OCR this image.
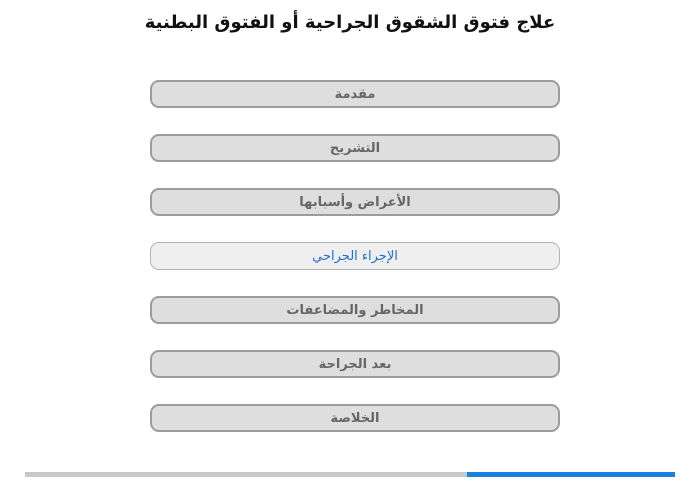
علاج فتوق الشقوق الجراحية أو الفتوق البطنية
مقدمة
التشريح
الأعراض وأسبابها
الإجراء الجراحي
المخاطر والمضاعفات
بعد الجراحة
الخلاصة
